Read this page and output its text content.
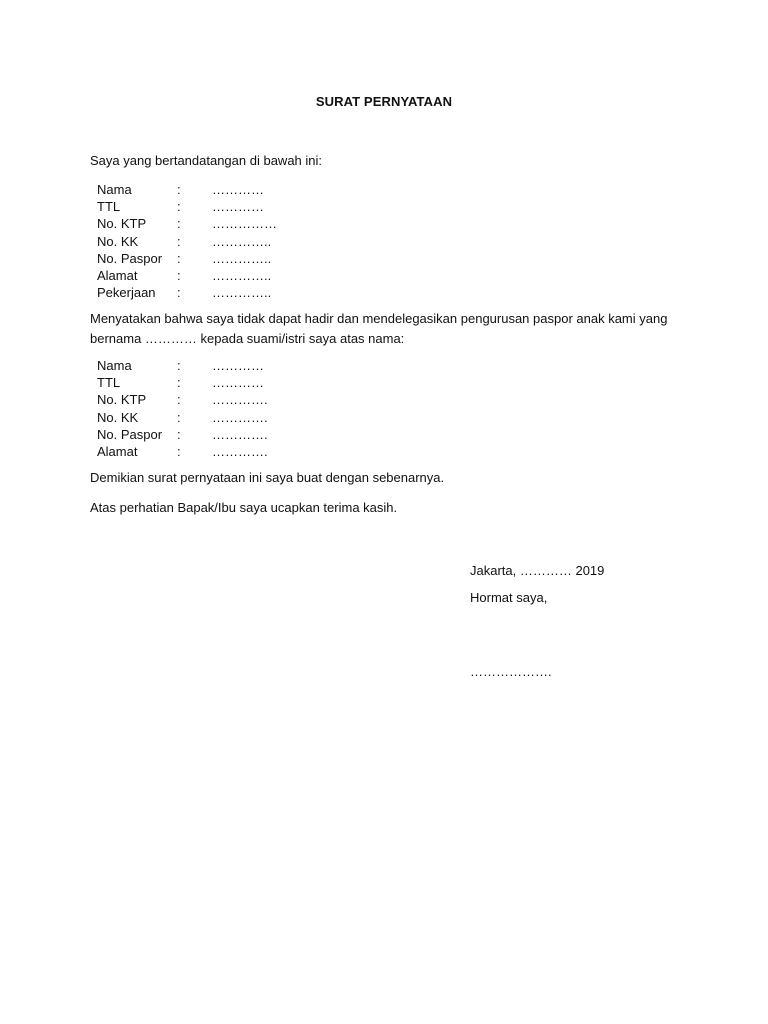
SURAT PERNYATAAN
Saya yang bertandatangan di bawah ini:
Nama	: …………
TTL	: …………
No. KTP : ……………
No. KK	: …………..
No. Paspor : …………..
Alamat	: …………..
Pekerjaan : …………..
Menyatakan bahwa saya tidak dapat hadir dan mendelegasikan pengurusan paspor anak kami yang bernama ………… kepada suami/istri saya atas nama:
Nama	: …………
TTL	: …………
No. KTP : ………….
No. KK	: ………….
No. Paspor : ………….
Alamat	: ………….
Demikian surat pernyataan ini saya buat dengan sebenarnya.
Atas perhatian Bapak/Ibu saya ucapkan terima kasih.
Jakarta, ………… 2019
Hormat saya,
……………….
